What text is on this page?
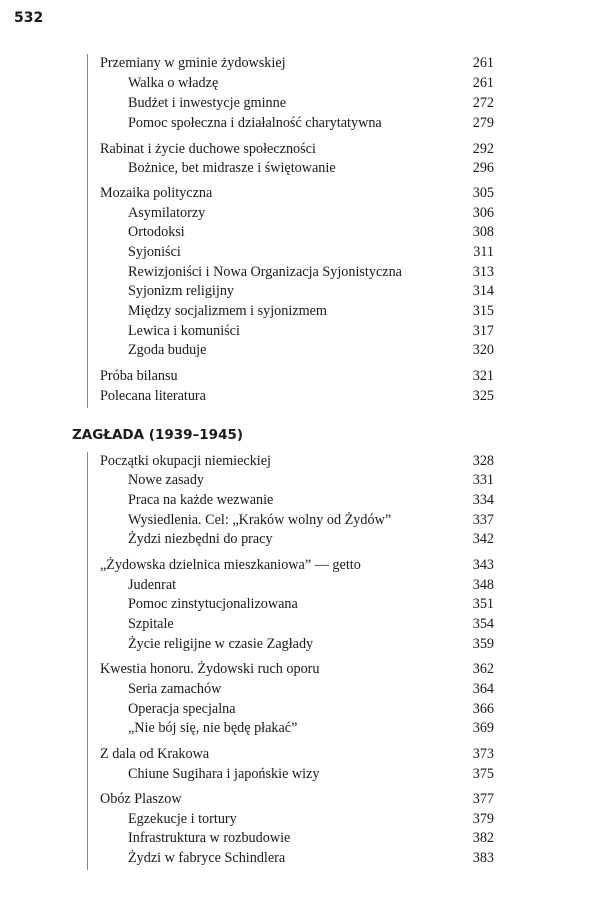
532
Przemiany w gminie żydowskiej	261
Walka o władzę	261
Budżet i inwestycje gminne	272
Pomoc społeczna i działalność charytatywna	279
Rabinat i życie duchowe społeczności	292
Bożnice, bet midrasze i świętowanie	296
Mozaika polityczna	305
Asymilatorzy	306
Ortodoksi	308
Syjoniści	311
Rewizjoniści i Nowa Organizacja Syjonistyczna	313
Syjonizm religijny	314
Między socjalizmem i syjonizmem	315
Lewica i komuniści	317
Zgoda buduje	320
Próba bilansu	321
Polecana literatura	325
ZAGŁADA (1939–1945)
Początki okupacji niemieckiej	328
Nowe zasady	331
Praca na każde wezwanie	334
Wysiedlenia. Cel: „Kraków wolny od Żydów”	337
Żydzi niezbędni do pracy	342
„Żydowska dzielnica mieszkaniowa” — getto	343
Judenrat	348
Pomoc zinstytucjonalizowana	351
Szpitale	354
Życie religijne w czasie Zagłady	359
Kwestia honoru. Żydowski ruch oporu	362
Seria zamachów	364
Operacja specjalna	366
„Nie bój się, nie będę płakać”	369
Z dala od Krakowa	373
Chiune Sugihara i japońskie wizy	375
Obóz Plaszow	377
Egzekucje i tortury	379
Infrastruktura w rozbudowie	382
Żydzi w fabryce Schindlera	383
